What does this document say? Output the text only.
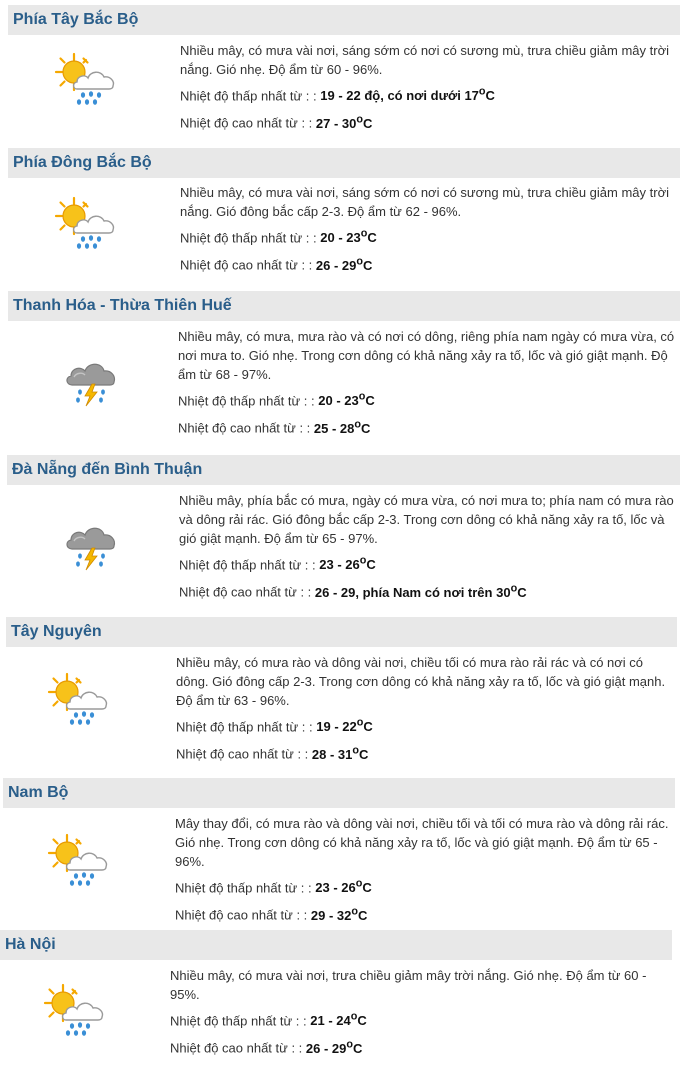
Phía Tây Bắc Bộ
Nhiều mây, có mưa vài nơi, sáng sớm có nơi có sương mù, trưa chiều giảm mây trời nắng. Gió nhẹ. Độ ẩm từ 60 - 96%.
Nhiệt độ thấp nhất từ : : 19 - 22 độ, có nơi dưới 17$^o$C
Nhiệt độ cao nhất từ : : 27 - 30$^o$C
Phía Đông Bắc Bộ
Nhiều mây, có mưa vài nơi, sáng sớm có nơi có sương mù, trưa chiều giảm mây trời nắng. Gió đông bắc cấp 2-3. Độ ẩm từ 62 - 96%.
Nhiệt độ thấp nhất từ : : 20 - 23$^o$C
Nhiệt độ cao nhất từ : : 26 - 29$^o$C
Thanh Hóa - Thừa Thiên Huế
Nhiều mây, có mưa, mưa rào và có nơi có dông, riêng phía nam ngày có mưa vừa, có nơi mưa to. Gió nhẹ. Trong cơn dông có khả năng xảy ra tố, lốc và gió giật mạnh. Độ ẩm từ 68 - 97%.
Nhiệt độ thấp nhất từ : : 20 - 23$^o$C
Nhiệt độ cao nhất từ : : 25 - 28$^o$C
Đà Nẵng đến Bình Thuận
Nhiều mây, phía bắc có mưa, ngày có mưa vừa, có nơi mưa to; phía nam có mưa rào và dông rải rác. Gió đông bắc cấp 2-3. Trong cơn dông có khả năng xảy ra tố, lốc và gió giật mạnh. Độ ẩm từ 65 - 97%.
Nhiệt độ thấp nhất từ : : 23 - 26$^o$C
Nhiệt độ cao nhất từ : : 26 - 29, phía Nam có nơi trên 30$^o$C
Tây Nguyên
Nhiều mây, có mưa rào và dông vài nơi, chiều tối có mưa rào rải rác và có nơi có dông. Gió đông cấp 2-3. Trong cơn dông có khả năng xảy ra tố, lốc và gió giật mạnh. Độ ẩm từ 63 - 96%.
Nhiệt độ thấp nhất từ : : 19 - 22$^o$C
Nhiệt độ cao nhất từ : : 28 - 31$^o$C
Nam Bộ
Mây thay đổi, có mưa rào và dông vài nơi, chiều tối và tối có mưa rào và dông rải rác. Gió nhẹ. Trong cơn dông có khả năng xảy ra tố, lốc và gió giật mạnh. Độ ẩm từ 65 - 96%.
Nhiệt độ thấp nhất từ : : 23 - 26$^o$C
Nhiệt độ cao nhất từ : : 29 - 32$^o$C
Hà Nội
Nhiều mây, có mưa vài nơi, trưa chiều giảm mây trời nắng. Gió nhẹ. Độ ẩm từ 60 - 95%.
Nhiệt độ thấp nhất từ : : 21 - 24$^o$C
Nhiệt độ cao nhất từ : : 26 - 29$^o$C
